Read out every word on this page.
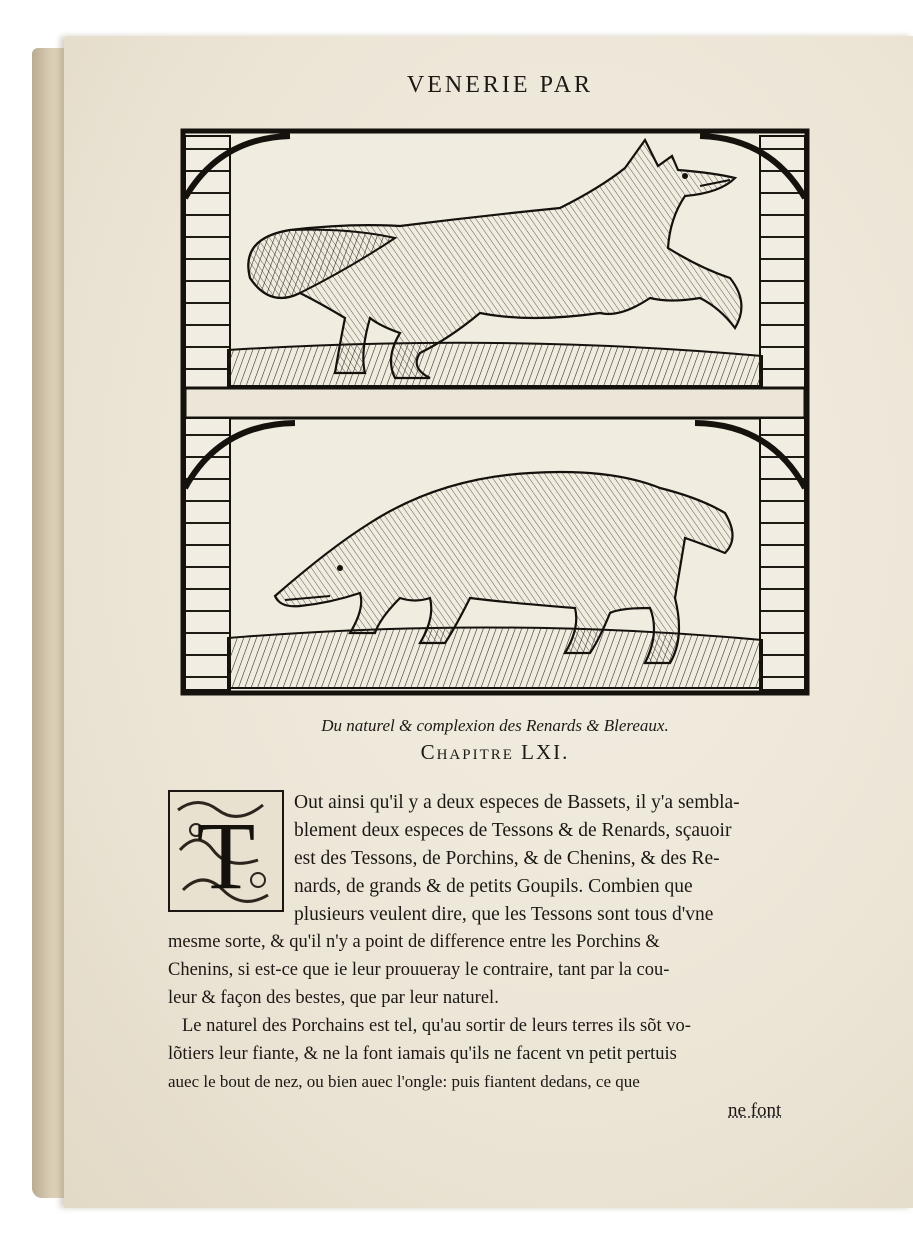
VENERIE PAR
Du naturel & complexion des Renards & Blereaux.
Chapitre LXI.
T Out ainsi qu'il y a deux especes de Bassets, il y'a sembla-
blement deux especes de Tessons & de Renards, sçauoir
est des Tessons, de Porchins, & de Chenins, & des Re-
nards, de grands & de petits Goupils. Combien que
plusieurs veulent dire, que les Tessons sont tous d'vne
mesme sorte, & qu'il n'y a point de difference entre les Porchins &
Chenins, si est-ce que ie leur prouueray le contraire, tant par la cou-
leur & façon des bestes, que par leur naturel.
Le naturel des Porchains est tel, qu'au sortir de leurs terres ils sõt vo-
lõtiers leur fiante, & ne la font iamais qu'ils ne facent vn petit pertuis
auec le bout de nez, ou bien auec l'ongle: puis fiantent dedans, ce que
ne font
